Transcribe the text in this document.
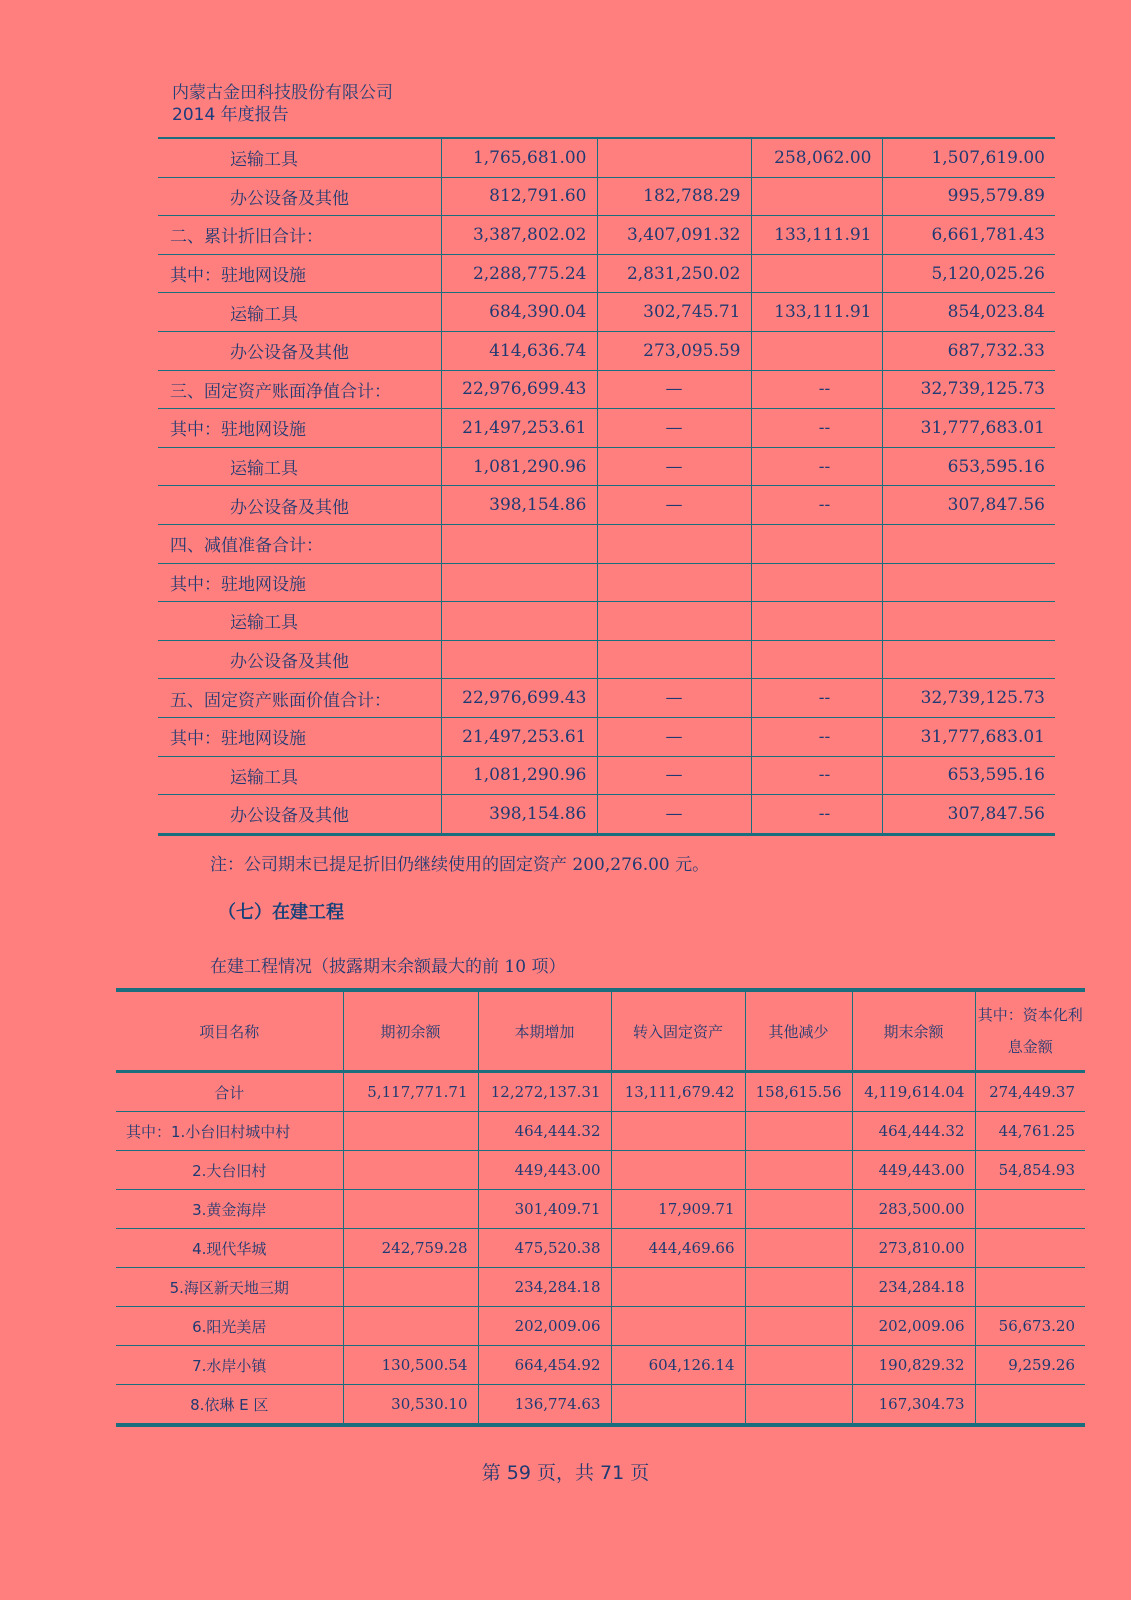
内蒙古金田科技股份有限公司
2014 年度报告
运输工具	1,765,681.00		258,062.00	1,507,619.00
办公设备及其他	812,791.60	182,788.29		995,579.89
二、累计折旧合计：	3,387,802.02	3,407,091.32	133,111.91	6,661,781.43
其中：驻地网设施	2,288,775.24	2,831,250.02		5,120,025.26
运输工具	684,390.04	302,745.71	133,111.91	854,023.84
办公设备及其他	414,636.74	273,095.59		687,732.33
三、固定资产账面净值合计：	22,976,699.43	—	--	32,739,125.73
其中：驻地网设施	21,497,253.61	—	--	31,777,683.01
运输工具	1,081,290.96	—	--	653,595.16
办公设备及其他	398,154.86	—	--	307,847.56
四、减值准备合计：				
其中：驻地网设施				
运输工具				
办公设备及其他				
五、固定资产账面价值合计：	22,976,699.43	—	--	32,739,125.73
其中：驻地网设施	21,497,253.61	—	--	31,777,683.01
运输工具	1,081,290.96	—	--	653,595.16
办公设备及其他	398,154.86	—	--	307,847.56
注：公司期末已提足折旧仍继续使用的固定资产 200,276.00 元。
（七）在建工程
在建工程情况（披露期末余额最大的前 10 项）
项目名称	期初余额	本期增加	转入固定资产	其他减少	期末余额	其中：资本化利息金额
合计	5,117,771.71	12,272,137.31	13,111,679.42	158,615.56	4,119,614.04	274,449.37
其中：1.小台旧村城中村		464,444.32			464,444.32	44,761.25
2.大台旧村		449,443.00			449,443.00	54,854.93
3.黄金海岸		301,409.71	17,909.71		283,500.00	
4.现代华城	242,759.28	475,520.38	444,469.66		273,810.00	
5.海区新天地三期		234,284.18			234,284.18	
6.阳光美居		202,009.06			202,009.06	56,673.20
7.水岸小镇	130,500.54	664,454.92	604,126.14		190,829.32	9,259.26
8.依琳 E 区	30,530.10	136,774.63			167,304.73	
第 59 页，共 71 页
